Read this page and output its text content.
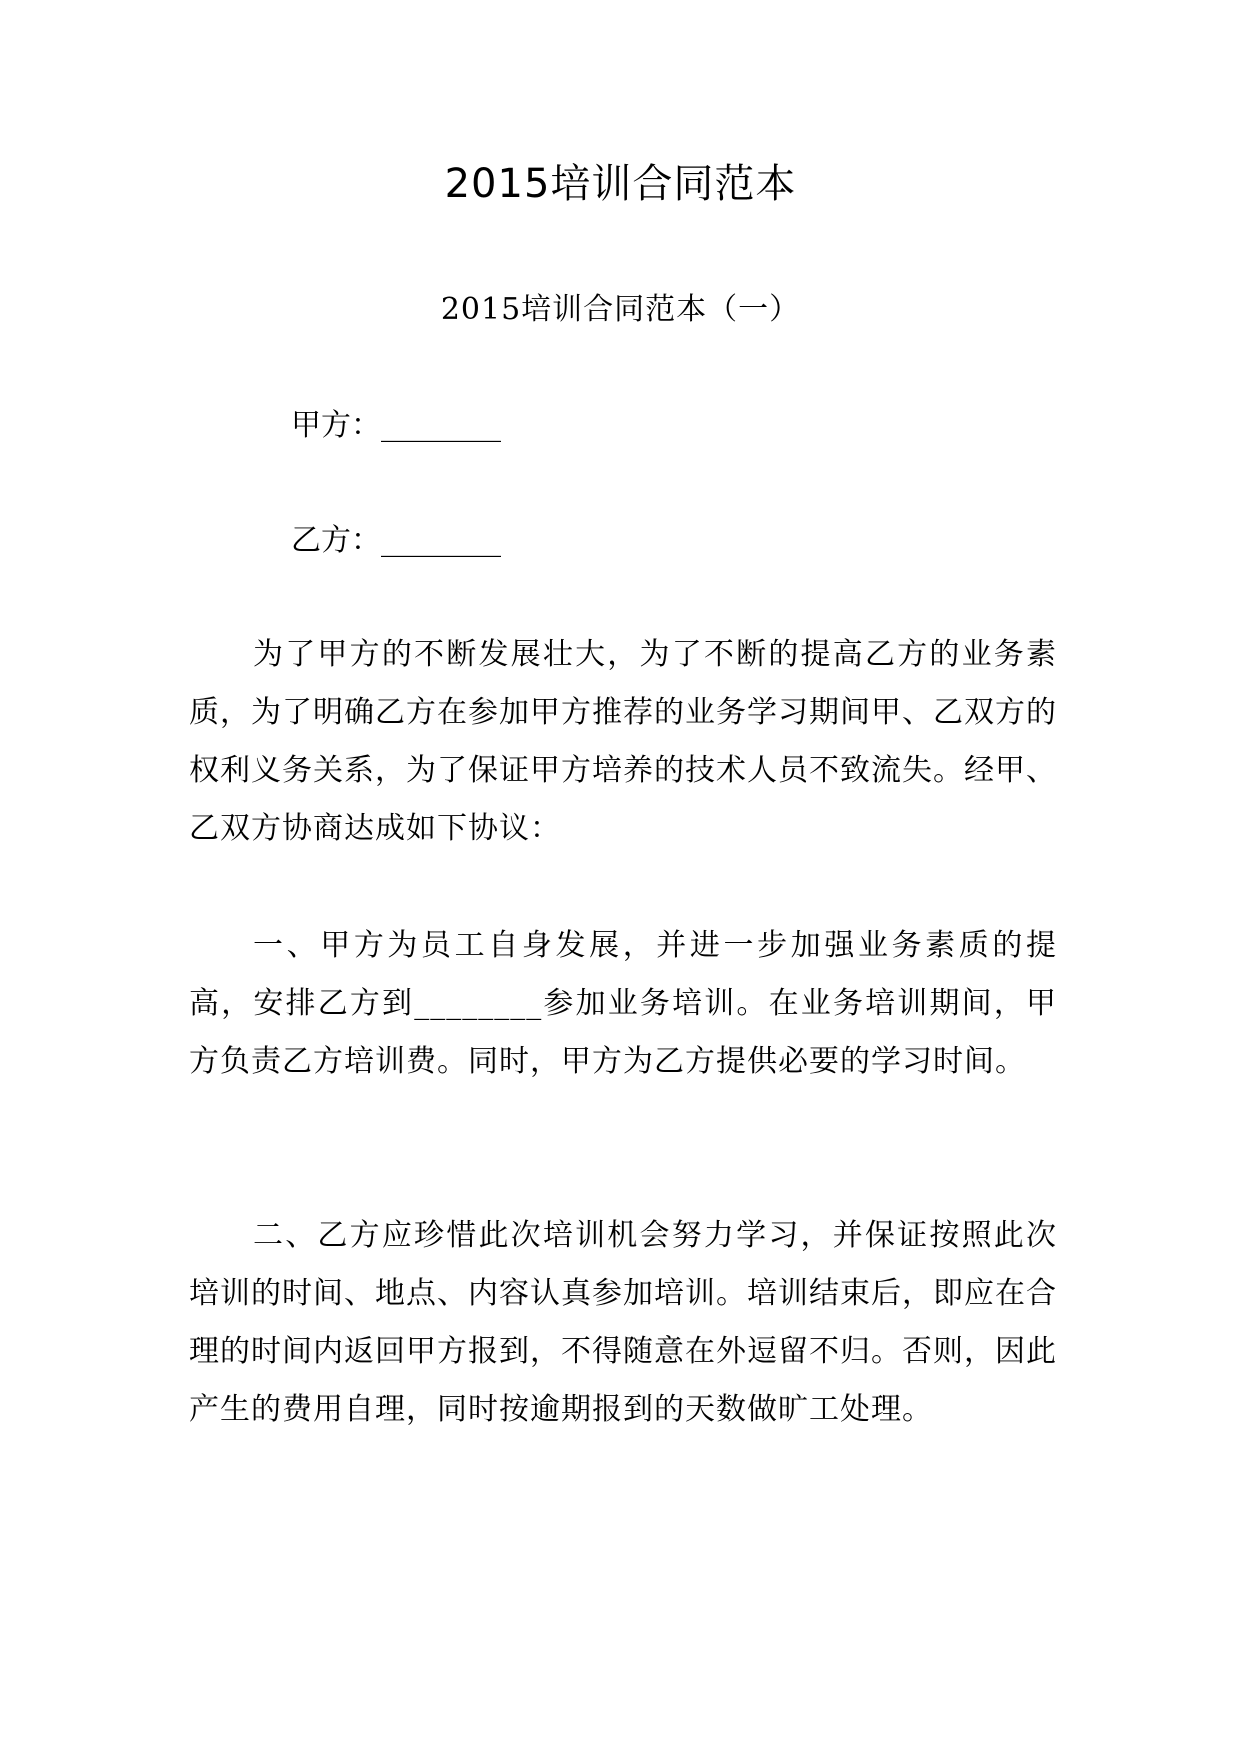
2015培训合同范本
2015培训合同范本（一）
甲方：________
乙方：________

为了甲方的不断发展壮大，为了不断的提高乙方的业务素质，为了明确乙方在参加甲方推荐的业务学习期间甲、乙双方的权利义务关系，为了保证甲方培养的技术人员不致流失。经甲、乙双方协商达成如下协议：

一、甲方为员工自身发展，并进一步加强业务素质的提高，安排乙方到________参加业务培训。在业务培训期间，甲方负责乙方培训费。同时，甲方为乙方提供必要的学习时间。

二、乙方应珍惜此次培训机会努力学习，并保证按照此次培训的时间、地点、内容认真参加培训。培训结束后，即应在合理的时间内返回甲方报到，不得随意在外逗留不归。否则，因此产生的费用自理，同时按逾期报到的天数做旷工处理。
